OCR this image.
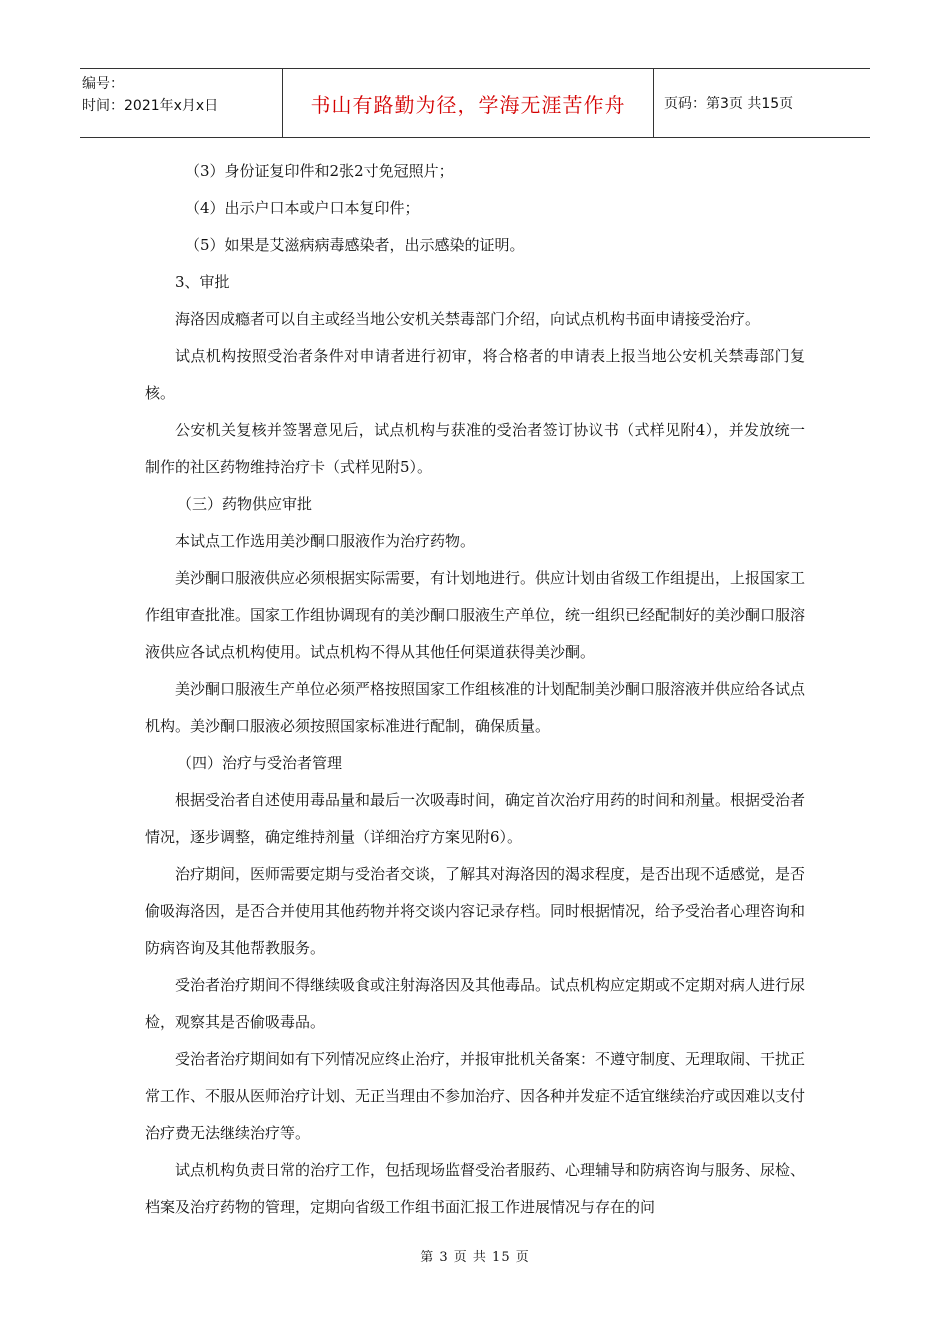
编号：
时间：2021年x月x日	书山有路勤为径，学海无涯苦作舟	页码：第3页 共15页

（3）身份证复印件和2张2寸免冠照片；

（4）出示户口本或户口本复印件；

（5）如果是艾滋病病毒感染者，出示感染的证明。

3、审批

海洛因成瘾者可以自主或经当地公安机关禁毒部门介绍，向试点机构书面申请接受治疗。

试点机构按照受治者条件对申请者进行初审，将合格者的申请表上报当地公安机关禁毒部门复核。

公安机关复核并签署意见后，试点机构与获准的受治者签订协议书（式样见附4），并发放统一制作的社区药物维持治疗卡（式样见附5）。

（三）药物供应审批

本试点工作选用美沙酮口服液作为治疗药物。

美沙酮口服液供应必须根据实际需要，有计划地进行。供应计划由省级工作组提出，上报国家工作组审查批准。国家工作组协调现有的美沙酮口服液生产单位，统一组织已经配制好的美沙酮口服溶液供应各试点机构使用。试点机构不得从其他任何渠道获得美沙酮。

美沙酮口服液生产单位必须严格按照国家工作组核准的计划配制美沙酮口服溶液并供应给各试点机构。美沙酮口服液必须按照国家标准进行配制，确保质量。

（四）治疗与受治者管理

根据受治者自述使用毒品量和最后一次吸毒时间，确定首次治疗用药的时间和剂量。根据受治者情况，逐步调整，确定维持剂量（详细治疗方案见附6）。

治疗期间，医师需要定期与受治者交谈，了解其对海洛因的渴求程度，是否出现不适感觉，是否偷吸海洛因，是否合并使用其他药物并将交谈内容记录存档。同时根据情况，给予受治者心理咨询和防病咨询及其他帮教服务。

受治者治疗期间不得继续吸食或注射海洛因及其他毒品。试点机构应定期或不定期对病人进行尿检，观察其是否偷吸毒品。

受治者治疗期间如有下列情况应终止治疗，并报审批机关备案：不遵守制度、无理取闹、干扰正常工作、不服从医师治疗计划、无正当理由不参加治疗、因各种并发症不适宜继续治疗或因难以支付治疗费无法继续治疗等。

试点机构负责日常的治疗工作，包括现场监督受治者服药、心理辅导和防病咨询与服务、尿检、档案及治疗药物的管理，定期向省级工作组书面汇报工作进展情况与存在的问

第 3 页 共 15 页
